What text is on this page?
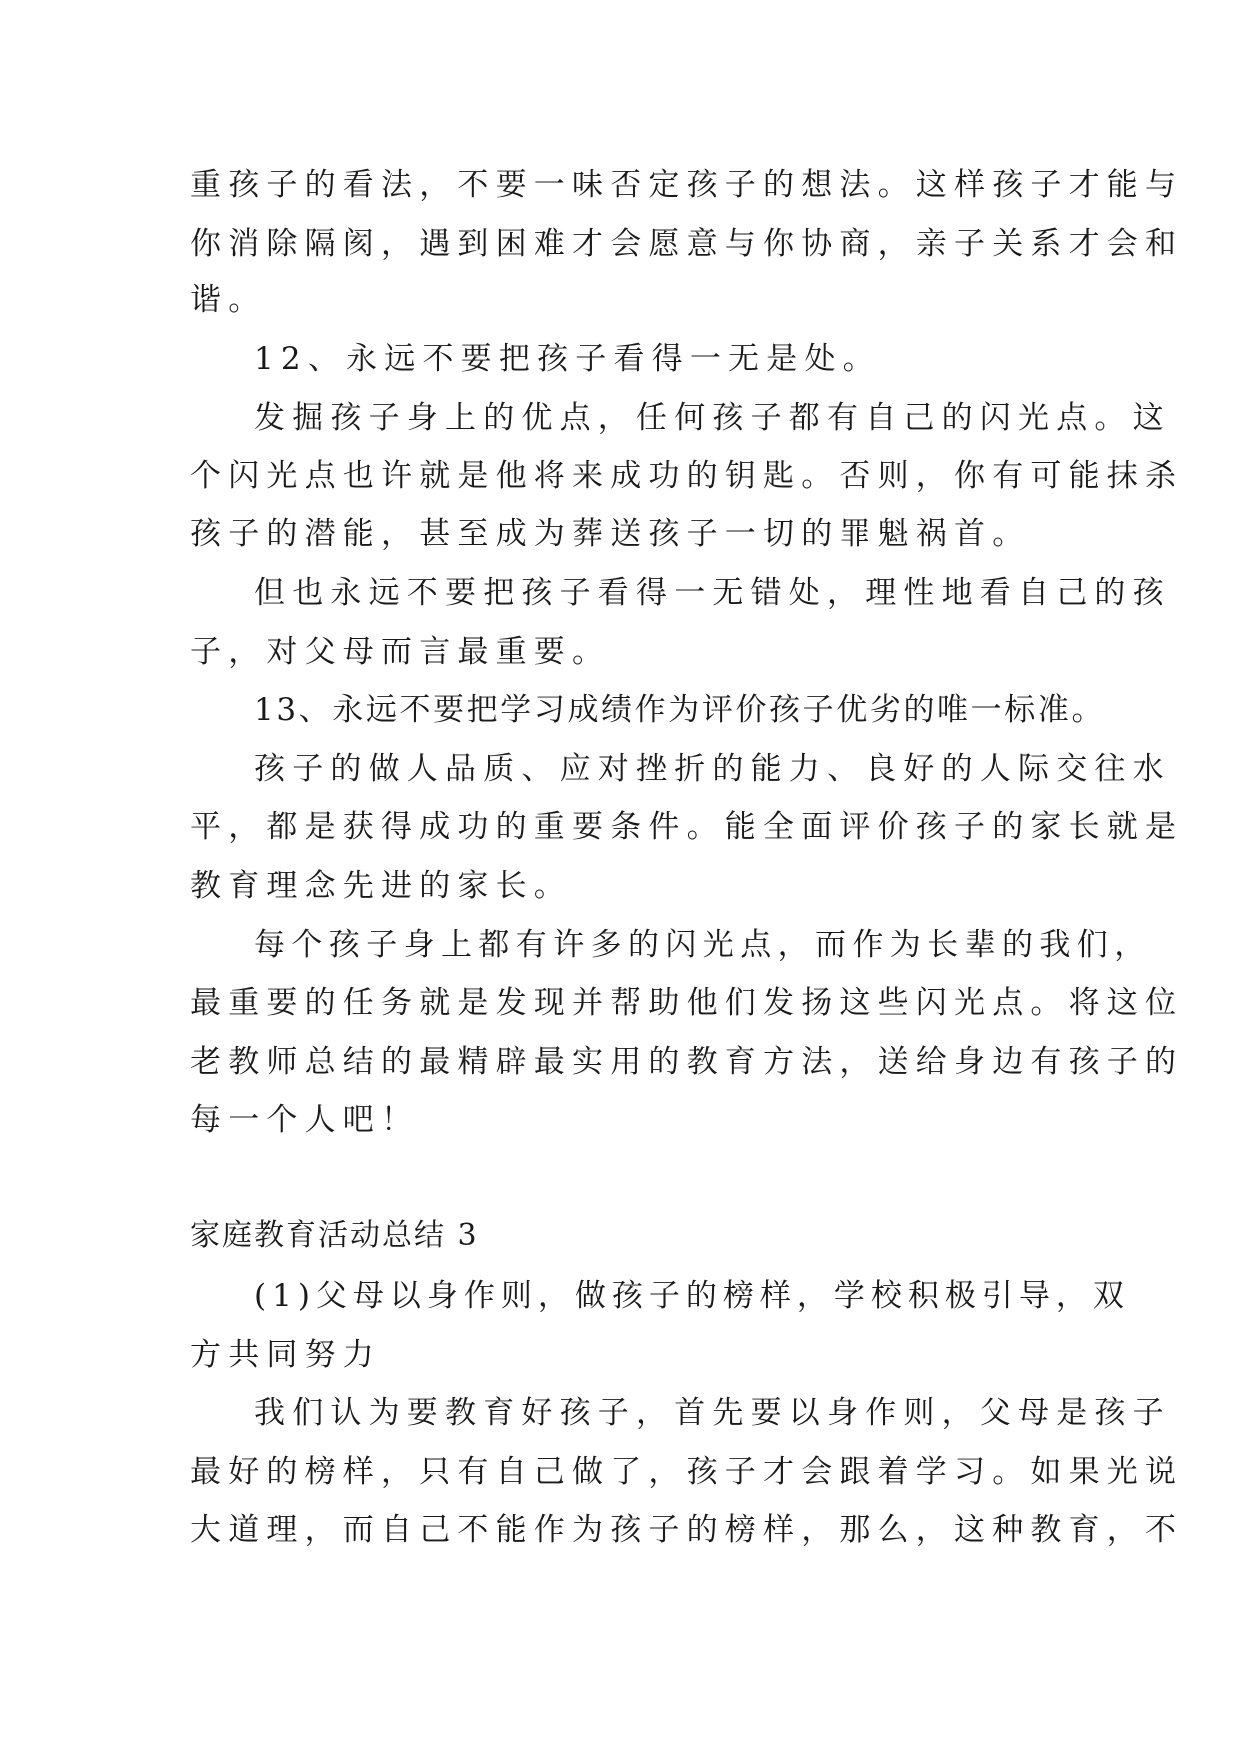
重孩子的看法，不要一味否定孩子的想法。这样孩子才能与
你消除隔阂，遇到困难才会愿意与你协商，亲子关系才会和
谐。
12、永远不要把孩子看得一无是处。
发掘孩子身上的优点，任何孩子都有自己的闪光点。这
个闪光点也许就是他将来成功的钥匙。否则，你有可能抹杀
孩子的潜能，甚至成为葬送孩子一切的罪魁祸首。
但也永远不要把孩子看得一无错处，理性地看自己的孩
子，对父母而言最重要。
13、永远不要把学习成绩作为评价孩子优劣的唯一标准。
孩子的做人品质、应对挫折的能力、良好的人际交往水
平，都是获得成功的重要条件。能全面评价孩子的家长就是
教育理念先进的家长。
每个孩子身上都有许多的闪光点，而作为长辈的我们，
最重要的任务就是发现并帮助他们发扬这些闪光点。将这位
老教师总结的最精辟最实用的教育方法，送给身边有孩子的
每一个人吧！
家庭教育活动总结 3
(1)父母以身作则，做孩子的榜样，学校积极引导，双
方共同努力
我们认为要教育好孩子，首先要以身作则，父母是孩子
最好的榜样，只有自己做了，孩子才会跟着学习。如果光说
大道理，而自己不能作为孩子的榜样，那么，这种教育，不
